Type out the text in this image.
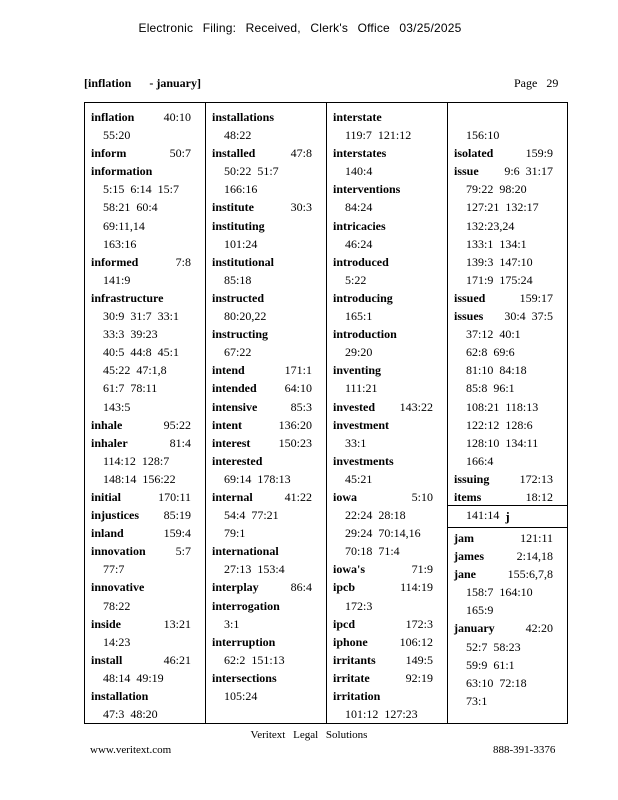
Electronic Filing: Received, Clerk's Office 03/25/2025
[inflation      - january]	Page   29
inflation 40:10
55:20
inform	50:7
information
5:15  6:14  15:7
58:21  60:4
69:11,14
163:16
informed	7:8
141:9
infrastructure
30:9  31:7  33:1
33:3  39:23
40:5  44:8  45:1
45:22  47:1,8
61:7  78:11
143:5
inhale	95:22
inhaler	81:4
114:12  128:7
148:14  156:22
initial	170:11
injustices 85:19
inland	159:4
innovation 5:7
77:7
innovative
78:22
inside	13:21
14:23
install	46:21
48:14  49:19
installation
47:3  48:20
installations
48:22
installed	47:8
50:22  51:7
166:16
institute	30:3
instituting
101:24
institutional
85:18
instructed
80:20,22
instructing
67:22
intend	171:1
intended 64:10
intensive	85:3
intent	136:20
interest 150:23
interested
69:14  178:13
internal	41:22
54:4  77:21
79:1
international
27:13  153:4
interplay	86:4
interrogation
3:1
interruption
62:2  151:13
intersections
105:24
interstate
119:7  121:12
interstates
140:4
interventions
84:24
intricacies
46:24
introduced
5:22
introducing
165:1
introduction
29:20
inventing
111:21
invested 143:22
investment
33:1
investments
45:21
iowa	5:10
22:24  28:18
29:24  70:14,16
70:18  71:4
iowa's	71:9
ipcb	114:19
172:3
ipcd	172:3
iphone	106:12
irritants	149:5
irritate	92:19
irritation
101:12  127:23
156:10
isolated	159:9
issue 9:6  31:17
79:22  98:20
127:21  132:17
132:23,24
133:1  134:1
139:3  147:10
171:9  175:24
issued	159:17
issues 30:4  37:5
37:12  40:1
62:8  69:6
81:10  84:18
85:8  96:1
108:21  118:13
122:12  128:6
128:10  134:11
166:4
issuing	172:13
items	18:12
141:14 j
jam	121:11
james	2:14,18
jane	155:6,7,8
158:7  164:10
165:9
january	42:20
52:7  58:23
59:9  61:1
63:10  72:18
73:1
Veritext Legal Solutions
www.veritext.com	888-391-3376
